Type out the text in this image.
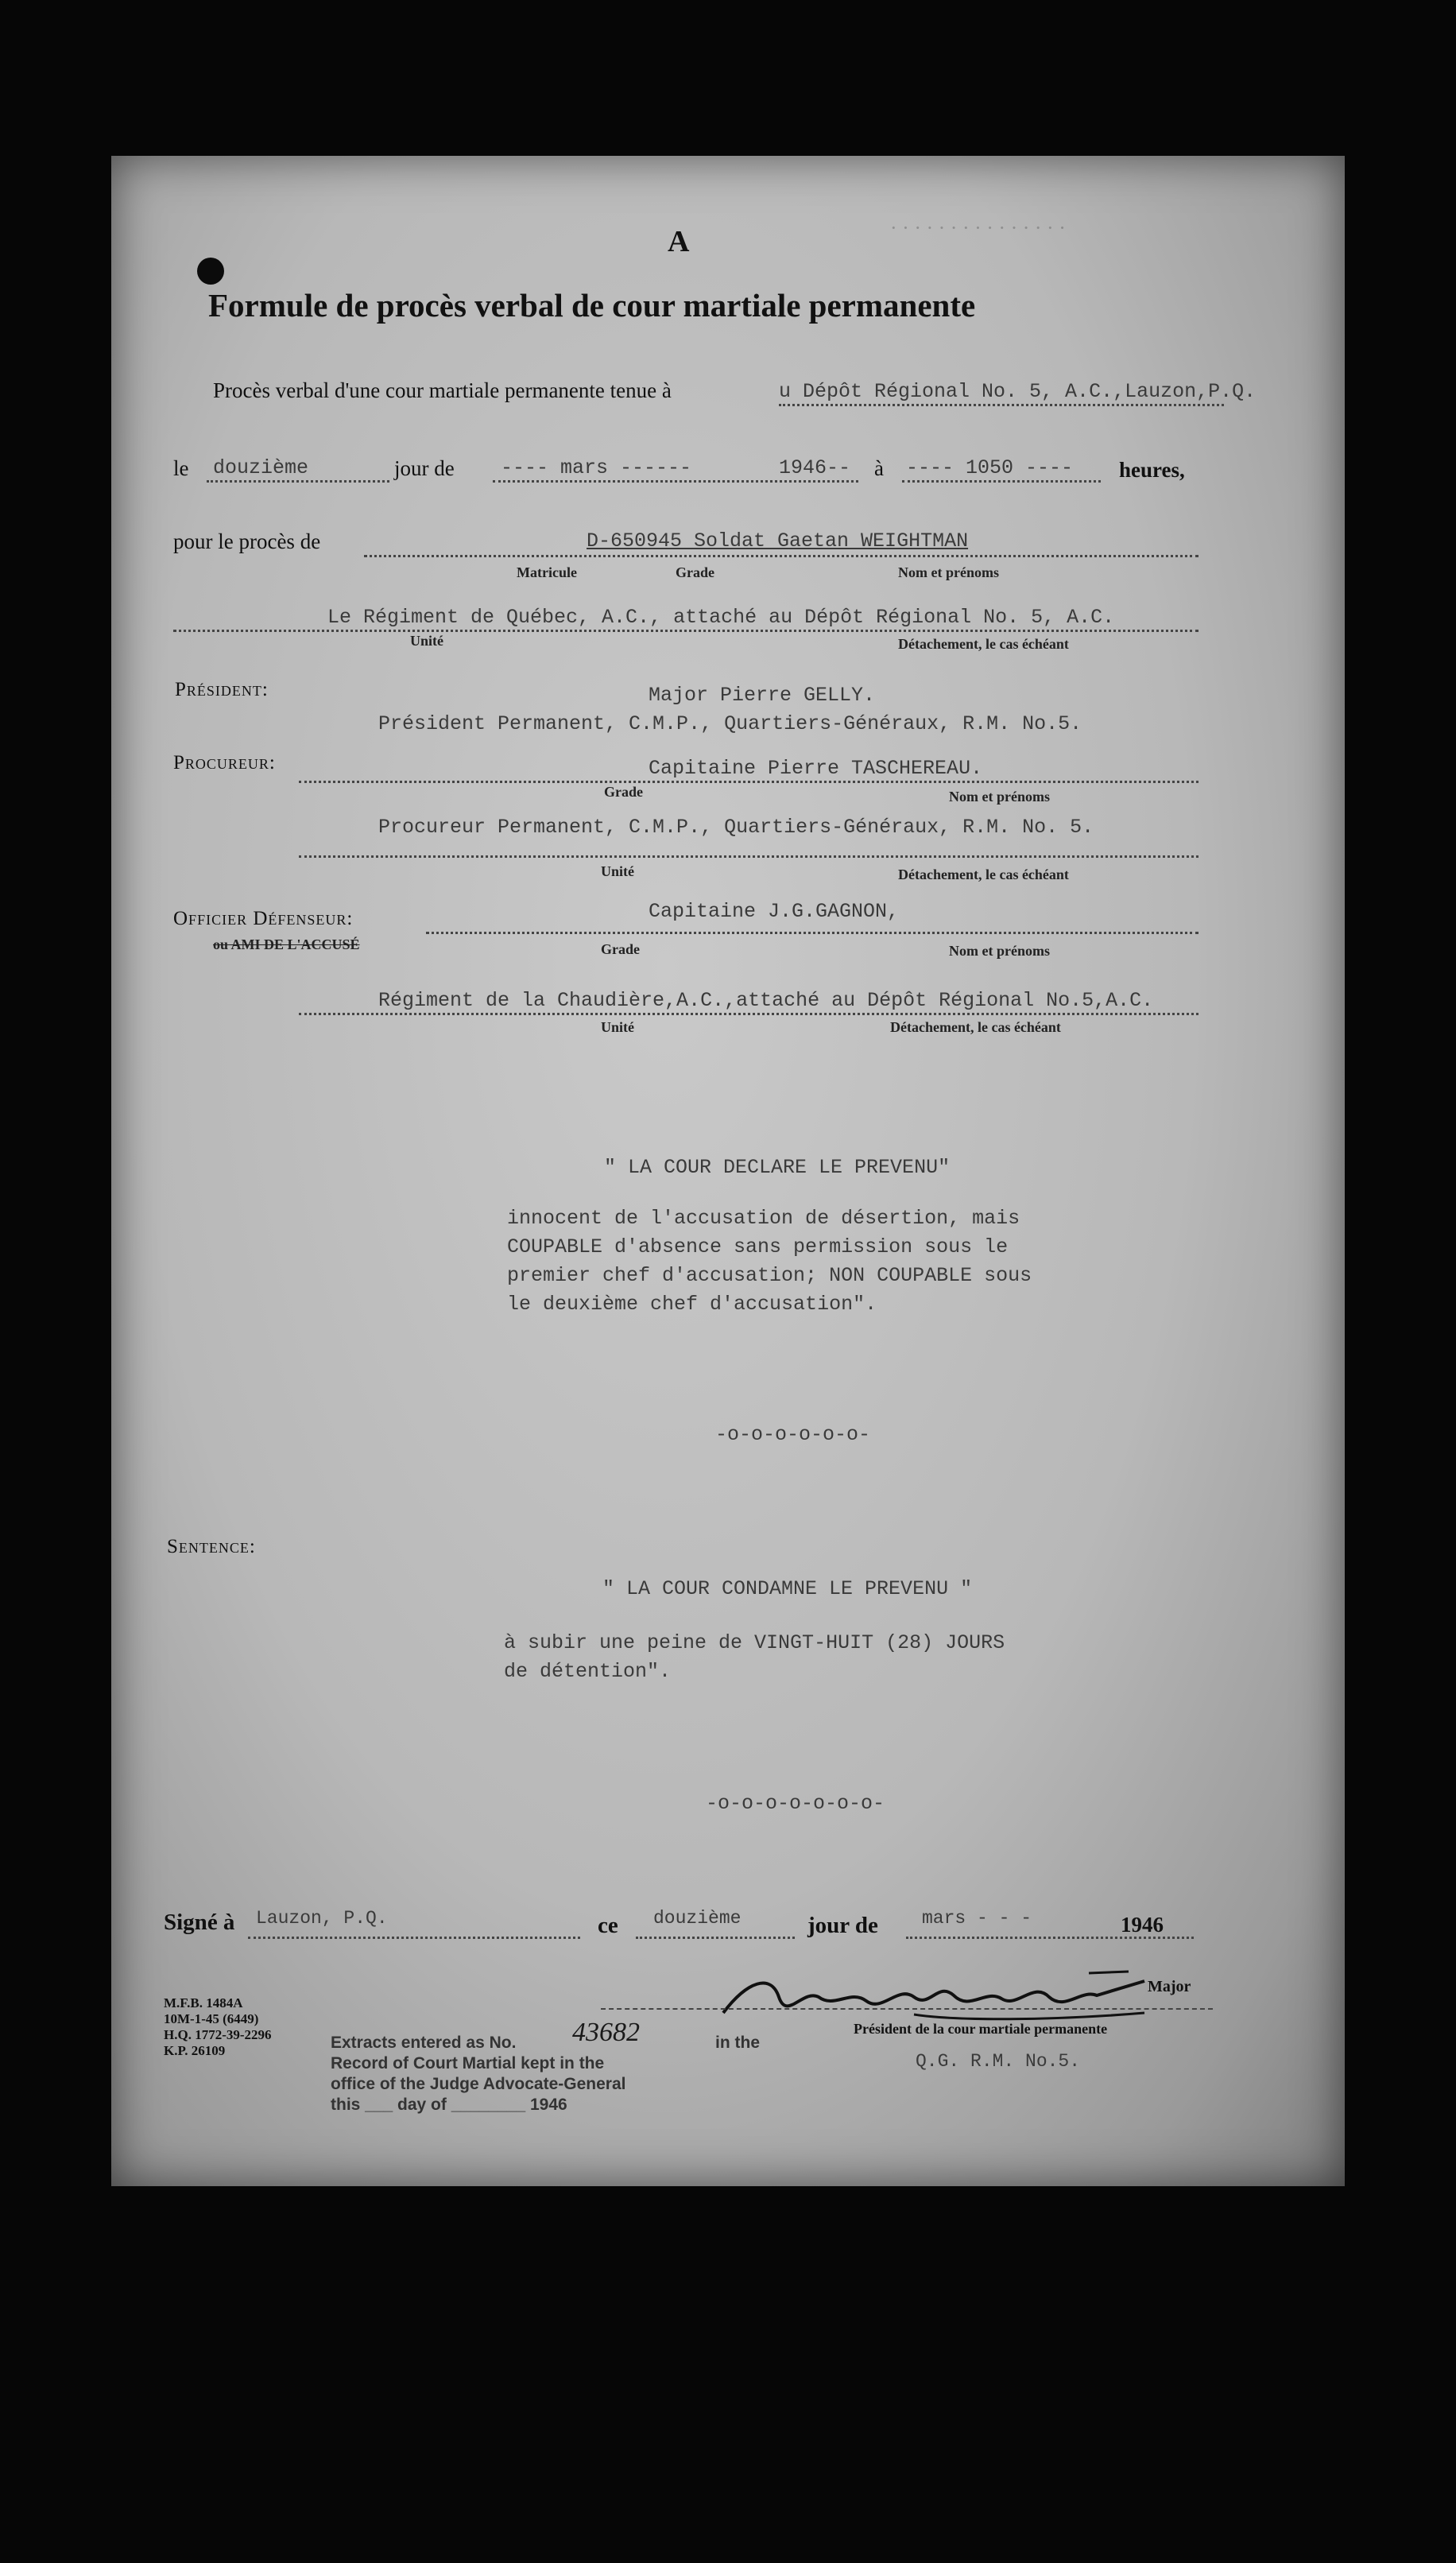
· · · · · · · · · · · · · · ·
A
Formule de procès verbal de cour martiale permanente
Procès verbal d'une cour martiale permanente tenue à	u Dépôt Régional No. 5, A.C.,Lauzon,P.Q.
le douzième	jour de ---- mars ------	1946-- à ---- 1050 ---- heures,
pour le procès de	D-650945 Soldat Gaetan WEIGHTMAN
Matricule	Grade	Nom et prénoms
Le Régiment de Québec, A.C., attaché au Dépôt Régional No. 5, A.C.
Unité	Détachement, le cas échéant
Président:	Major Pierre GELLY.
Président Permanent, C.M.P., Quartiers-Généraux, R.M. No.5.
Procureur:	Capitaine Pierre TASCHEREAU.
Grade	Nom et prénoms
Procureur Permanent, C.M.P., Quartiers-Généraux, R.M. No. 5.
Unité	Détachement, le cas échéant
Officier Défenseur:
ou AMI DE L'ACCUSÉ
Capitaine J.G.GAGNON,
Grade	Nom et prénoms
Régiment de la Chaudière,A.C.,attaché au Dépôt Régional No.5,A.C.
Unité	Détachement, le cas échéant
" LA COUR DECLARE LE PREVENU"
innocent de l'accusation de désertion, mais
COUPABLE d'absence sans permission sous le
premier chef d'accusation; NON COUPABLE sous
le deuxième chef d'accusation".
-o-o-o-o-o-o-
Sentence:
" LA COUR CONDAMNE LE PREVENU "
à subir une peine de VINGT-HUIT (28) JOURS
de détention".
-o-o-o-o-o-o-o-
Signé à Lauzon, P.Q.	ce douzième	jour de mars - - -	1946
Major
Président de la cour martiale permanente
Q.G. R.M. No.5.
M.F.B. 1484A
10M-1-45 (6449)
H.Q. 1772-39-2296
K.P. 26109	Extracts entered as No. 43682	in the
Record of Court Martial kept in the
office of the Judge Advocate-General
this ___ day of ________ 1946
